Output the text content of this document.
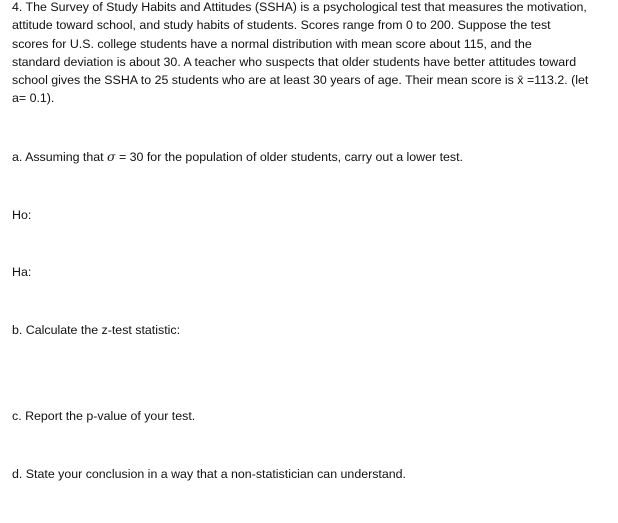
4. The Survey of Study Habits and Attitudes (SSHA) is a psychological test that measures the motivation,
attitude toward school, and study habits of students. Scores range from 0 to 200. Suppose the test
scores for U.S. college students have a normal distribution with mean score about 115, and the
standard deviation is about 30. A teacher who suspects that older students have better attitudes toward
school gives the SSHA to 25 students who are at least 30 years of age. Their mean score is x̄ =113.2. (let
a= 0.1).

a. Assuming that σ = 30 for the population of older students, carry out a lower test.

Ho:

Ha:

b. Calculate the z-test statistic:

c. Report the p-value of your test.

d. State your conclusion in a way that a non-statistician can understand.
